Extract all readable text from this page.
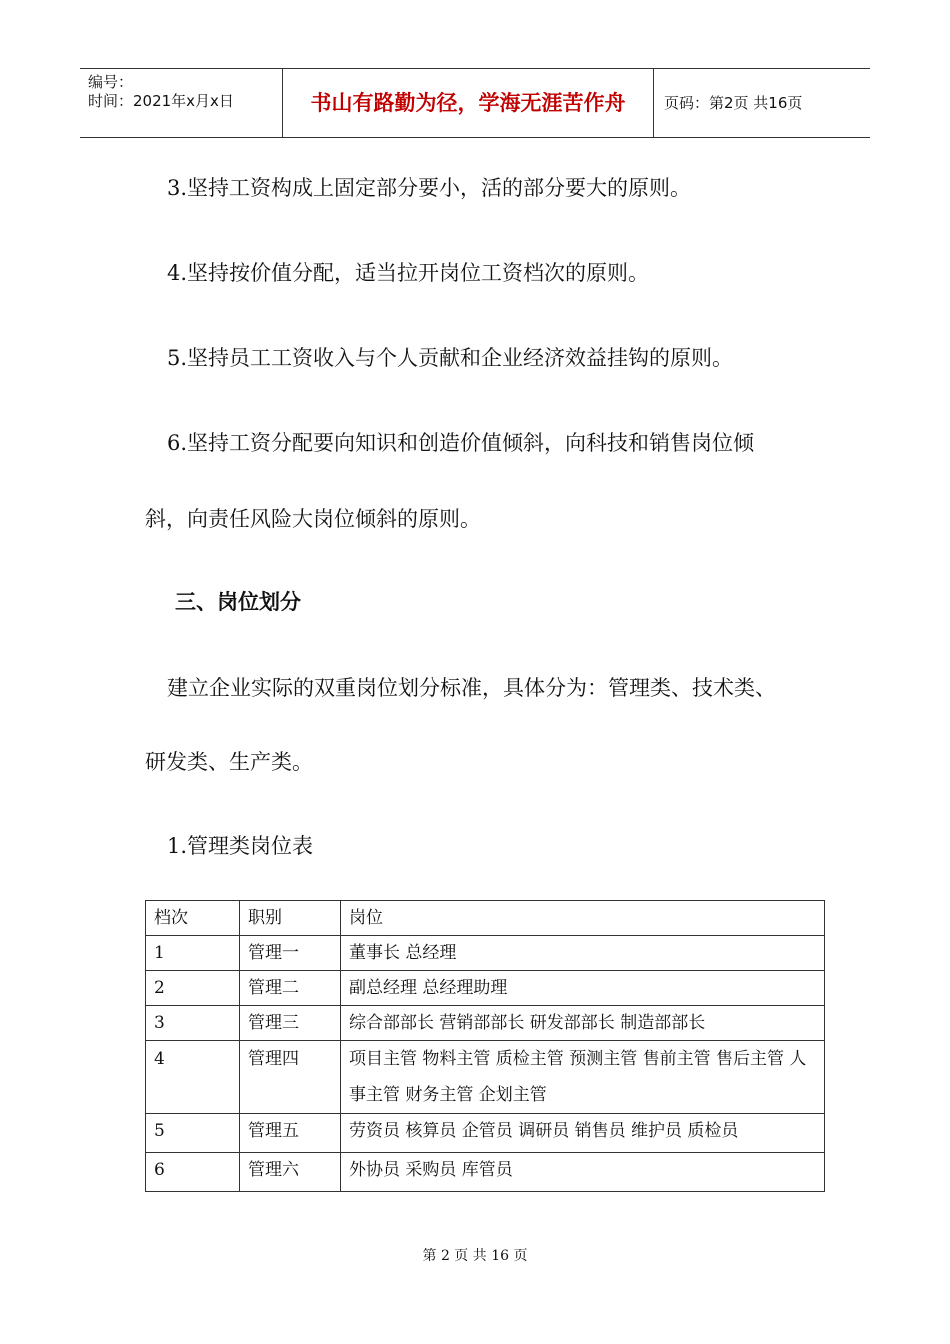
编号：
时间：2021年x月x日	书山有路勤为径，学海无涯苦作舟	页码：第2页 共16页
3.坚持工资构成上固定部分要小，活的部分要大的原则。
4.坚持按价值分配，适当拉开岗位工资档次的原则。
5.坚持员工工资收入与个人贡献和企业经济效益挂钩的原则。
6.坚持工资分配要向知识和创造价值倾斜，向科技和销售岗位倾
斜，向责任风险大岗位倾斜的原则。
三、岗位划分
建立企业实际的双重岗位划分标准，具体分为：管理类、技术类、
研发类、生产类。
1.管理类岗位表
档次	职别	岗位
1	管理一	董事长 总经理
2	管理二	副总经理 总经理助理
3	管理三	综合部部长 营销部部长 研发部部长 制造部部长
4	管理四	项目主管 物料主管 质检主管 预测主管 售前主管 售后主管 人事主管 财务主管 企划主管
5	管理五	劳资员 核算员 企管员 调研员 销售员 维护员 质检员
6	管理六	外协员 采购员 库管员
第 2 页 共 16 页
